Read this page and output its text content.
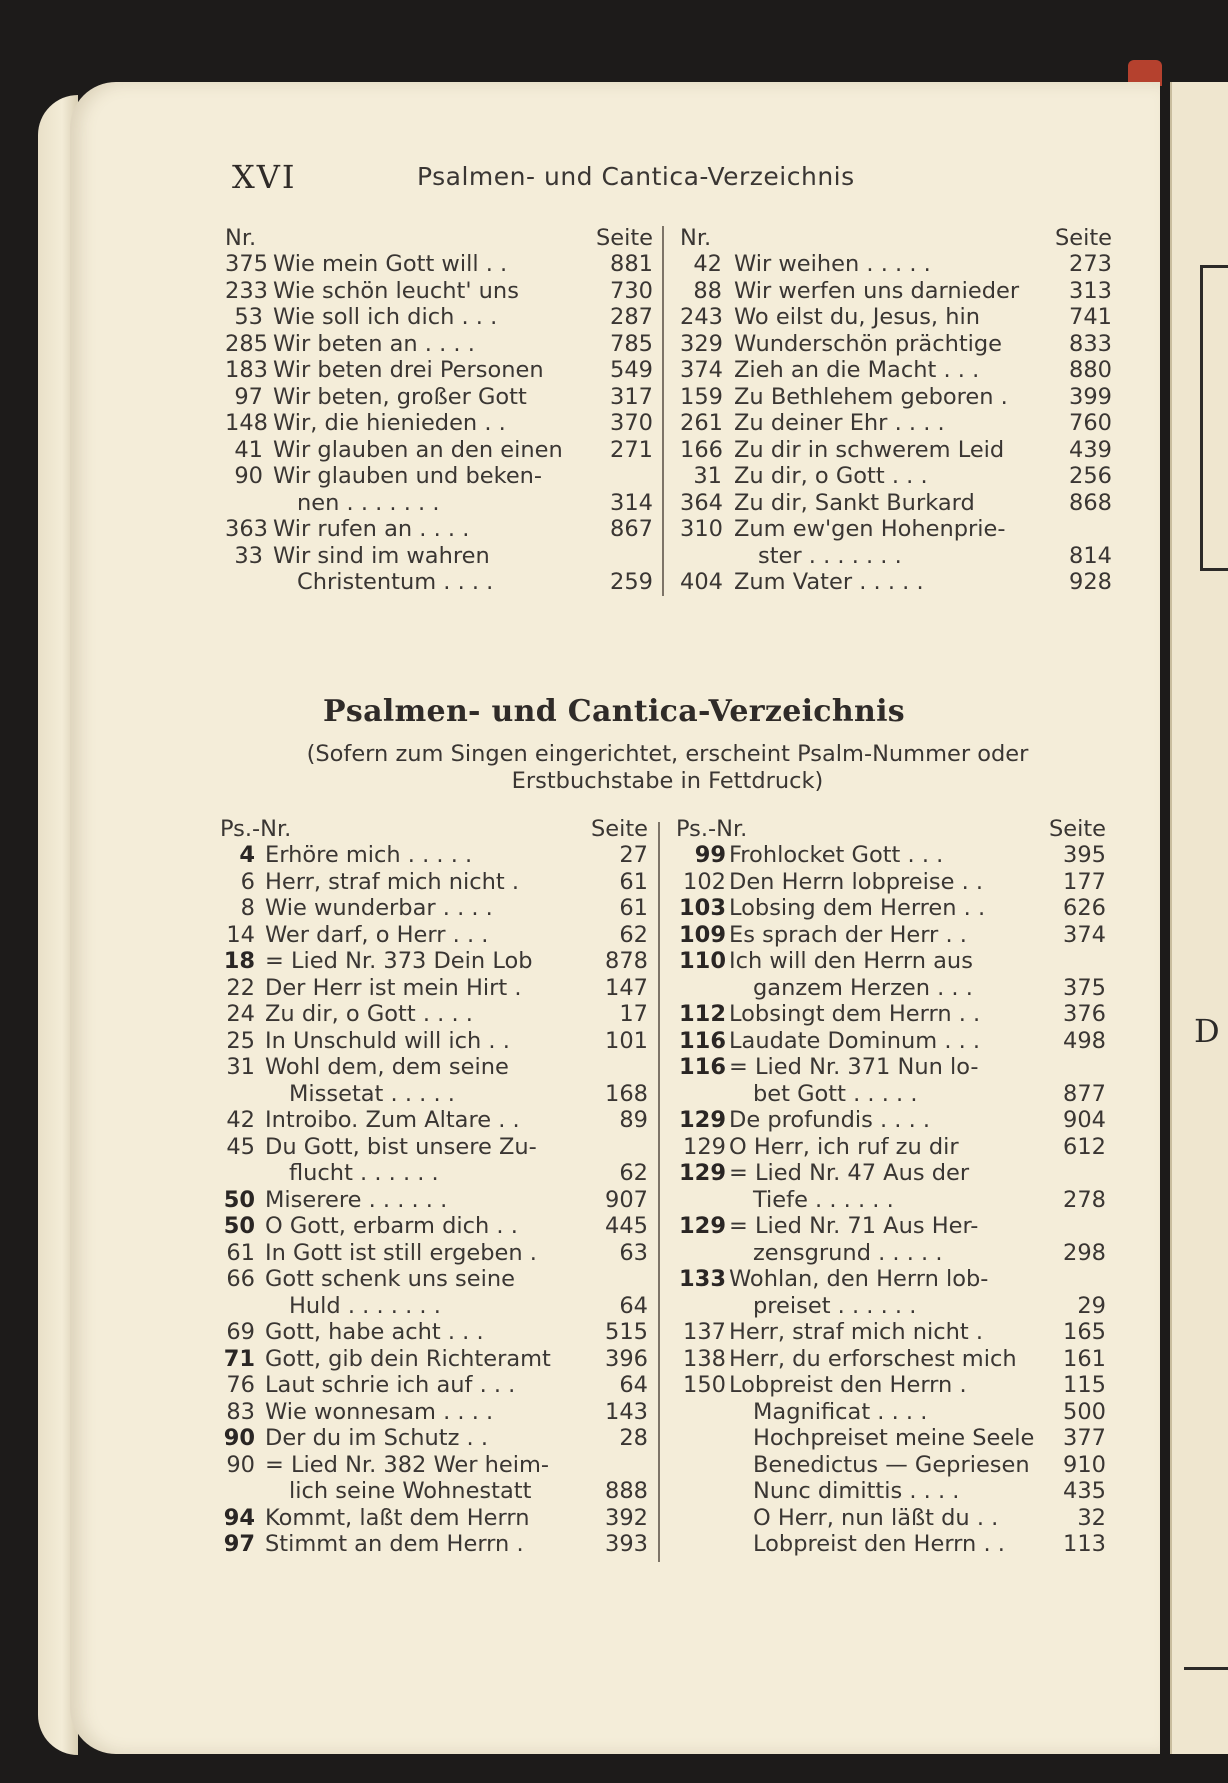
D
XVI	Psalmen- und Cantica-Verzeichnis
Nr.	Seite
375 Wie mein Gott will . .	881
233 Wie schön leucht' uns	730
53 Wie soll ich dich . . .	287
285 Wir beten an . . . .	785
183 Wir beten drei Personen	549
97 Wir beten, großer Gott	317
148 Wir, die hienieden . .	370
41 Wir glauben an den einen	271
90 Wir glauben und beken-
nen . . . . . . .	314
363 Wir rufen an . . . .	867
33 Wir sind im wahren
Christentum . . . .	259
Nr.	Seite
42 Wir weihen . . . . .	273
88 Wir werfen uns darnieder	313
243 Wo eilst du, Jesus, hin	741
329 Wunderschön prächtige	833
374 Zieh an die Macht . . .	880
159 Zu Bethlehem geboren .	399
261 Zu deiner Ehr . . . .	760
166 Zu dir in schwerem Leid	439
31 Zu dir, o Gott . . .	256
364 Zu dir, Sankt Burkard	868
310 Zum ew'gen Hohenprie-
ster . . . . . . .	814
404 Zum Vater . . . . .	928
Psalmen- und Cantica-Verzeichnis
(Sofern zum Singen eingerichtet, erscheint Psalm-Nummer oder Erstbuchstabe in Fettdruck)
Ps.-Nr.	Seite
4 Erhöre mich . . . . .	27
6 Herr, straf mich nicht .	61
8 Wie wunderbar . . . .	61
14 Wer darf, o Herr . . .	62
18 = Lied Nr. 373 Dein Lob	878
22 Der Herr ist mein Hirt .	147
24 Zu dir, o Gott . . . .	17
25 In Unschuld will ich . .	101
31 Wohl dem, dem seine
Missetat . . . . .	168
42 Introibo. Zum Altare . .	89
45 Du Gott, bist unsere Zu-
flucht . . . . . .	62
50 Miserere . . . . . .	907
50 O Gott, erbarm dich . .	445
61 In Gott ist still ergeben .	63
66 Gott schenk uns seine
Huld . . . . . . .	64
69 Gott, habe acht . . .	515
71 Gott, gib dein Richteramt	396
76 Laut schrie ich auf . . .	64
83 Wie wonnesam . . . .	143
90 Der du im Schutz . .	28
90 = Lied Nr. 382 Wer heim-
lich seine Wohnestatt	888
94 Kommt, laßt dem Herrn	392
97 Stimmt an dem Herrn .	393
Ps.-Nr.	Seite
99 Frohlocket Gott . . .	395
102 Den Herrn lobpreise . .	177
103 Lobsing dem Herren . .	626
109 Es sprach der Herr . .	374
110 Ich will den Herrn aus
ganzem Herzen . . .	375
112 Lobsingt dem Herrn . .	376
116 Laudate Dominum . . .	498
116 = Lied Nr. 371 Nun lo-
bet Gott . . . . .	877
129 De profundis . . . .	904
129 O Herr, ich ruf zu dir	612
129 = Lied Nr. 47 Aus der
Tiefe . . . . . .	278
129 = Lied Nr. 71 Aus Her-
zensgrund . . . . .	298
133 Wohlan, den Herrn lob-
preiset . . . . . .	29
137 Herr, straf mich nicht .	165
138 Herr, du erforschest mich	161
150 Lobpreist den Herrn .	115
Magnificat . . . .	500
Hochpreiset meine Seele	377
Benedictus — Gepriesen	910
Nunc dimittis . . . .	435
O Herr, nun läßt du . .	32
Lobpreist den Herrn . .	113
